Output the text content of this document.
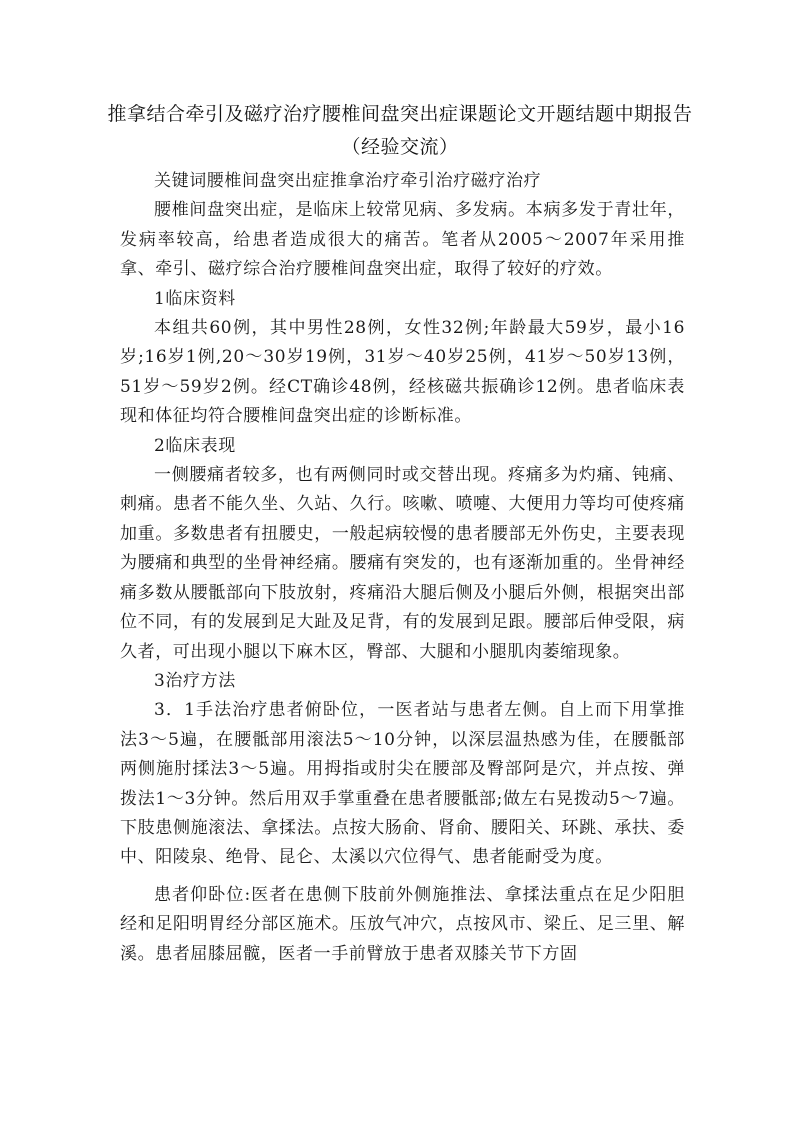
推拿结合牵引及磁疗治疗腰椎间盘突出症课题论文开题结题中期报告（经验交流）

关键词腰椎间盘突出症推拿治疗牵引治疗磁疗治疗

腰椎间盘突出症，是临床上较常见病、多发病。本病多发于青壮年，发病率较高，给患者造成很大的痛苦。笔者从2005～2007年采用推拿、牵引、磁疗综合治疗腰椎间盘突出症，取得了较好的疗效。

1临床资料

本组共60例，其中男性28例，女性32例;年龄最大59岁，最小16岁;16岁1例,20～30岁19例，31岁～40岁25例，41岁～50岁13例，51岁～59岁2例。经CT确诊48例，经核磁共振确诊12例。患者临床表现和体征均符合腰椎间盘突出症的诊断标准。

2临床表现

一侧腰痛者较多，也有两侧同时或交替出现。疼痛多为灼痛、钝痛、刺痛。患者不能久坐、久站、久行。咳嗽、喷嚏、大便用力等均可使疼痛加重。多数患者有扭腰史，一般起病较慢的患者腰部无外伤史，主要表现为腰痛和典型的坐骨神经痛。腰痛有突发的，也有逐渐加重的。坐骨神经痛多数从腰骶部向下肢放射，疼痛沿大腿后侧及小腿后外侧，根据突出部位不同，有的发展到足大趾及足背，有的发展到足跟。腰部后伸受限，病久者，可出现小腿以下麻木区，臀部、大腿和小腿肌肉萎缩现象。

3治疗方法

3．1手法治疗患者俯卧位，一医者站与患者左侧。自上而下用掌推法3～5遍，在腰骶部用滚法5～10分钟，以深层温热感为佳，在腰骶部两侧施肘揉法3～5遍。用拇指或肘尖在腰部及臀部阿是穴，并点按、弹拨法1～3分钟。然后用双手掌重叠在患者腰骶部;做左右晃拨动5～7遍。下肢患侧施滚法、拿揉法。点按大肠俞、肾俞、腰阳关、环跳、承扶、委中、阳陵泉、绝骨、昆仑、太溪以穴位得气、患者能耐受为度。

患者仰卧位:医者在患侧下肢前外侧施推法、拿揉法重点在足少阳胆经和足阳明胃经分部区施术。压放气冲穴，点按风市、梁丘、足三里、解溪。患者屈膝屈髋，医者一手前臂放于患者双膝关节下方固
